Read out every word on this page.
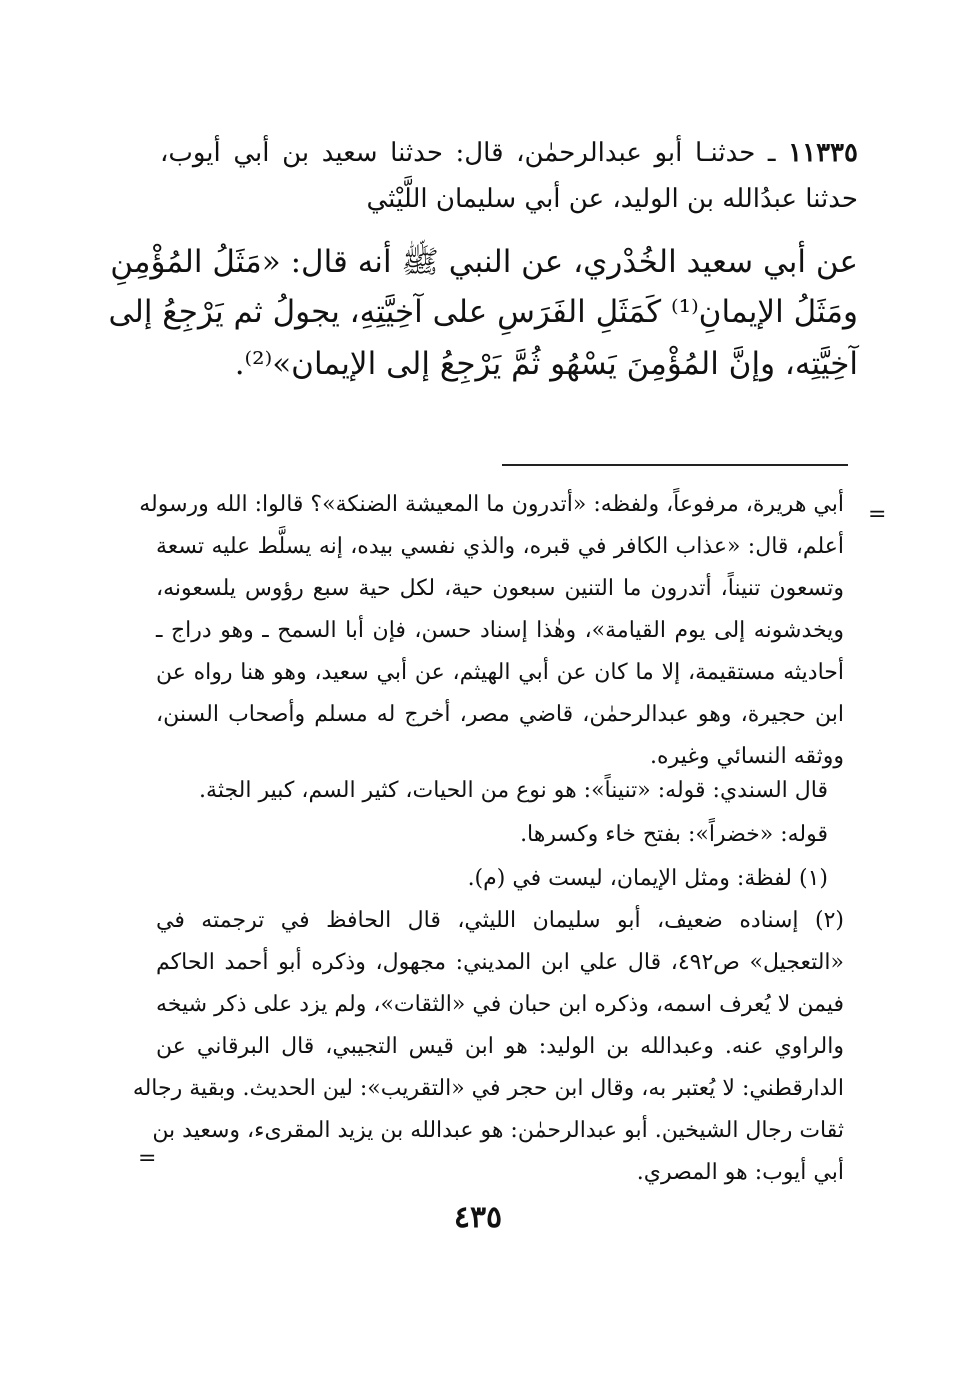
١١٣٣٥ ـ حدثنـا أبو عبدالرحمٰن، قال: حدثنا سعيد بن أبي أيوب،
حدثنا عبدُالله بن الوليد، عن أبي سليمان اللَّيْثي
عن أبي سعيد الخُدْري، عن النبي ﷺ أنه قال: «مَثَلُ المُؤْمِنِ
ومَثَلُ الإيمانِ⁽¹⁾ كَمَثَلِ الفَرَسِ على آخِيَّتِهِ، يجولُ ثم يَرْجِعُ إلى
آخِيَّتِه، وإنَّ المُؤْمِنَ يَسْهُو ثُمَّ يَرْجِعُ إلى الإيمان»⁽²⁾.
=
أبي هريرة، مرفوعاً، ولفظه: «أتدرون ما المعيشة الضنكة»؟ قالوا: الله ورسوله
أعلم، قال: «عذاب الكافر في قبره، والذي نفسي بيده، إنه يسلَّط عليه تسعة
وتسعون تنيناً، أتدرون ما التنين سبعون حية، لكل حية سبع رؤوس يلسعونه،
ويخدشونه إلى يوم القيامة»، وهٰذا إسناد حسن، فإن أبا السمح ـ وهو دراج ـ
أحاديثه مستقيمة، إلا ما كان عن أبي الهيثم، عن أبي سعيد، وهو هنا رواه عن
ابن حجيرة، وهو عبدالرحمٰن، قاضي مصر، أخرج له مسلم وأصحاب السنن،
ووثقه النسائي وغيره.
قال السندي: قوله: «تنيناً»: هو نوع من الحيات، كثير السم، كبير الجثة.
قوله: «خضراً»: بفتح خاء وكسرها.
(١) لفظة: ومثل الإيمان، ليست في (م).
(٢) إسناده ضعيف، أبو سليمان الليثي، قال الحافظ في ترجمته في
«التعجيل» ص٤٩٢، قال علي ابن المديني: مجهول، وذكره أبو أحمد الحاكم
فيمن لا يُعرف اسمه، وذكره ابن حبان في «الثقات»، ولم يزد على ذكر شيخه
والراوي عنه. وعبدالله بن الوليد: هو ابن قيس التجيبي، قال البرقاني عن
الدارقطني: لا يُعتبر به، وقال ابن حجر في «التقريب»: لين الحديث. وبقية رجاله
ثقات رجال الشيخين. أبو عبدالرحمٰن: هو عبدالله بن يزيد المقرىء، وسعيد بن
أبي أيوب: هو المصري.
=
٤٣٥
